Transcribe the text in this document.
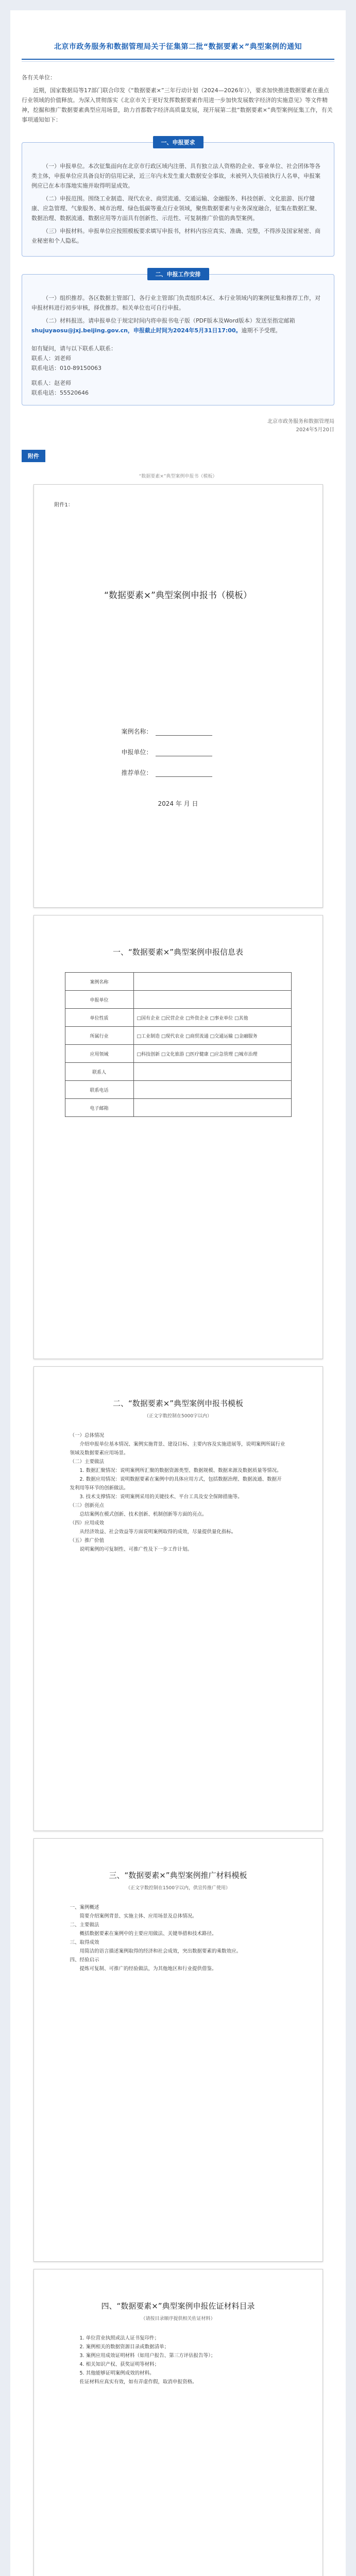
北京市政务服务和数据管理局关于征集第二批“数据要素×”典型案例的通知
各有关单位：

近期，国家数据局等17部门联合印发《“数据要素×”三年行动计划（2024—2026年）》，要求加快推进数据要素在重点行业领域的价值释放。为深入贯彻落实《北京市关于更好发挥数据要素作用进一步加快发展数字经济的实施意见》等文件精神，挖掘和推广数据要素典型应用场景，助力首都数字经济高质量发展，现开展第二批“数据要素×”典型案例征集工作，有关事项通知如下：

一、申报要求

（一）申报单位。本次征集面向在北京市行政区域内注册、具有独立法人资格的企业、事业单位、社会团体等各类主体，申报单位应具备良好的信用记录，近三年内未发生重大数据安全事故，未被列入失信被执行人名单，申报案例应已在本市落地实施并取得明显成效。

（二）申报范围。围绕工业制造、现代农业、商贸流通、交通运输、金融服务、科技创新、文化旅游、医疗健康、应急管理、气象服务、城市治理、绿色低碳等重点行业领域，聚焦数据要素与业务深度融合，征集在数据汇聚、数据治理、数据流通、数据应用等方面具有创新性、示范性、可复制推广价值的典型案例。

（三）申报材料。申报单位应按照模板要求填写申报书，材料内容应真实、准确、完整，不得涉及国家秘密、商业秘密和个人隐私。

二、申报工作安排

（一）组织推荐。各区数据主管部门、各行业主管部门负责组织本区、本行业领域内的案例征集和推荐工作，对申报材料进行初步审核，择优推荐。相关单位也可自行申报。

（二）材料报送。请申报单位于规定时间内将申报书电子版（PDF版本及Word版本）发送至指定邮箱shujuyaosu@jxj.beijing.gov.cn，申报截止时间为2024年5月31日17:00。逾期不予受理。

如有疑问，请与以下联系人联系：

联系人：刘老师

联系电话：010-89150063

联系人：赵老师

联系电话：55520646

北京市政务服务和数据管理局
2024年5月20日
附件
“数据要素×”典型案例申报书（模板）
附件1：
“数据要素×”典型案例申报书（模板）
案例名称：
申报单位：
推荐单位：
2024 年 月 日
一、“数据要素×”典型案例申报信息表
案例名称	
申报单位	
单位性质	□国有企业 □民营企业 □外资企业 □事业单位 □其他
所属行业	□工业制造 □现代农业 □商贸流通 □交通运输 □金融服务
应用领域	□科技创新 □文化旅游 □医疗健康 □应急管理 □城市治理
联系人	
联系电话	
电子邮箱	
二、“数据要素×”典型案例申报书模板
（正文字数控制在5000字以内）

（一）总体情况

介绍申报单位基本情况、案例实施背景、建设目标、主要内容及实施进展等，说明案例所属行业领域及数据要素应用场景。

（二）主要做法

1. 数据汇聚情况：说明案例所汇聚的数据资源类型、数据规模、数据来源及数据质量等情况。

2. 数据应用情况：说明数据要素在案例中的具体应用方式，包括数据治理、数据流通、数据开发利用等环节的创新做法。

3. 技术支撑情况：说明案例采用的关键技术、平台工具及安全保障措施等。

（三）创新亮点

总结案例在模式创新、技术创新、机制创新等方面的亮点。

（四）应用成效

从经济效益、社会效益等方面说明案例取得的成效，尽量提供量化指标。

（五）推广价值

说明案例的可复制性、可推广性及下一步工作计划。

三、“数据要素×”典型案例推广材料模板
（正文字数控制在1500字以内，供宣传推广使用）

一、案例概述

简要介绍案例背景、实施主体、应用场景及总体情况。

二、主要做法

概括数据要素在案例中的主要应用做法、关键举措和技术路径。

三、取得成效

用简洁的语言描述案例取得的经济和社会成效，突出数据要素的乘数效应。

四、经验启示

提炼可复制、可推广的经验做法，为其他地区和行业提供借鉴。

四、“数据要素×”典型案例申报佐证材料目录
（请按目录顺序提供相关佐证材料）

1. 单位营业执照或法人证书复印件；

2. 案例相关的数据资源目录或数据清单；

3. 案例应用成效证明材料（如用户报告、第三方评估报告等）；

4. 相关知识产权、获奖证明等材料；

5. 其他能够证明案例成效的材料。

佐证材料应真实有效，如有弄虚作假，取消申报资格。
